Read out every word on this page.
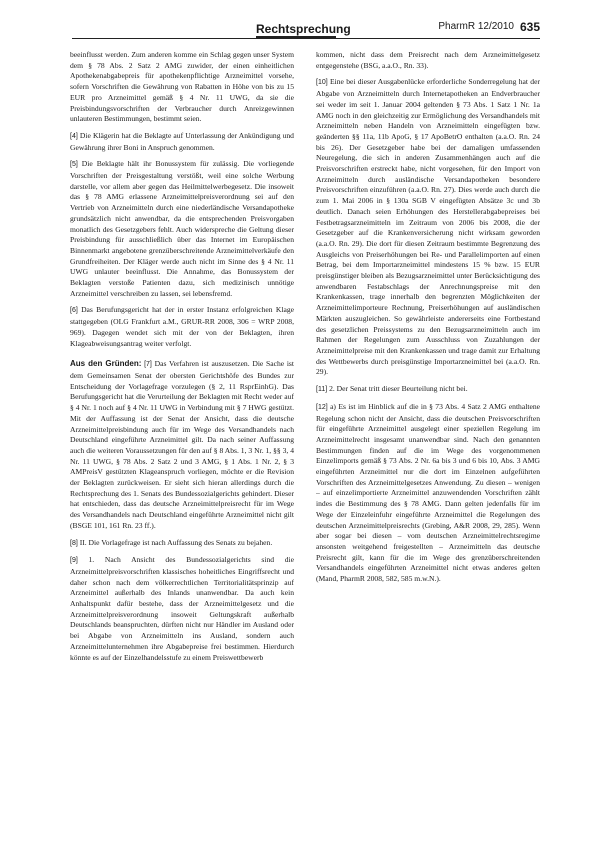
Rechtsprechung	PharmR 12/2010 635

beeinflusst werden. Zum anderen komme ein Schlag gegen unser System dem § 78 Abs. 2 Satz 2 AMG zuwider, der einen einheitlichen Apothekenabgabepreis für apothekenpflichtige Arzneimittel vorsehe, sofern Vorschriften die Gewährung von Rabatten in Höhe von bis zu 15 EUR pro Arzneimittel gemäß § 4 Nr. 11 UWG, da sie die Preisbindungsvorschriften der Verbraucher durch Anreizgewinnen unlauteren Bestimmungen, bestimmt seien.

[4] Die Klägerin hat die Beklagte auf Unterlassung der Ankündigung und Gewährung ihrer Boni in Anspruch genommen.

[5] Die Beklagte hält ihr Bonussystem für zulässig. Die vorliegende Vorschriften der Preisgestaltung verstößt, weil eine solche Werbung darstelle, vor allem aber gegen das Heilmittelwerbegesetz. Die insoweit das § 78 AMG erlassene Arzneimittelpreisverordnung sei auf den Vertrieb von Arzneimitteln durch eine niederländische Versandapotheke grundsätzlich nicht anwendbar, da die entsprechenden Preisvorgaben monatlich des Gesetzgebers fehlt. Auch widerspreche die Geltung dieser Preisbindung für ausschließlich über das Internet im Europäischen Binnenmarkt angebotene grenzüberschreitende Arzneimittelverkäufe den Grundfreiheiten. Der Kläger werde auch nicht im Sinne des § 4 Nr. 11 UWG unlauter beeinflusst. Die Annahme, das Bonussystem der Beklagten verstoße Patienten dazu, sich medizinisch unnötige Arzneimittel verschreiben zu lassen, sei lebensfremd.

[6] Das Berufungsgericht hat der in erster Instanz erfolgreichen Klage stattgegeben (OLG Frankfurt a.M., GRUR-RR 2008, 306 = WRP 2008, 969). Dagegen wendet sich mit der von der Beklagten, ihren Klageabweisungsantrag weiter verfolgt.

Aus den Gründen: [7] Das Verfahren ist auszusetzen. Die Sache ist dem Gemeinsamen Senat der obersten Gerichtshöfe des Bundes zur Entscheidung der Vorlagefrage vorzulegen (§ 2, 11 RsprEinhG). Das Berufungsgericht hat die Verurteilung der Beklagten mit Recht weder auf § 4 Nr. 1 noch auf § 4 Nr. 11 UWG in Verbindung mit § 7 HWG gestützt. Mit der Auffassung ist der Senat der Ansicht, dass die deutsche Arzneimittelpreisbindung auch für im Wege des Versandhandels nach Deutschland eingeführte Arzneimittel gilt. Da nach seiner Auffassung auch die weiteren Voraussetzungen für den auf § 8 Abs. 1, 3 Nr. 1, §§ 3, 4 Nr. 11 UWG, § 78 Abs. 2 Satz 2 und 3 AMG, § 1 Abs. 1 Nr. 2, § 3 AMPreisV gestützten Klageanspruch vorliegen, möchte er die Revision der Beklagten zurückweisen. Er sieht sich hieran allerdings durch die Rechtsprechung des 1. Senats des Bundessozialgerichts gehindert. Dieser hat entschieden, dass das deutsche Arzneimittelpreisrecht für im Wege des Versandhandels nach Deutschland eingeführte Arzneimittel nicht gilt (BSGE 101, 161 Rn. 23 ff.).

[8] II. Die Vorlagefrage ist nach Auffassung des Senats zu bejahen.

[9] 1. Nach Ansicht des Bundessozialgerichts sind die Arzneimittelpreisvorschriften klassisches hoheitliches Eingriffsrecht und daher schon nach dem völkerrechtlichen Territorialitätsprinzip auf Arzneimittel außerhalb des Inlands unanwendbar. Da auch kein Anhaltspunkt dafür bestehe, dass der Arzneimittelgesetz und die Arzneimittelpreisverordnung insoweit Geltungskraft außerhalb Deutschlands beanspruchten, dürften nicht nur Händler im Ausland oder bei Abgabe von Arzneimitteln ins Ausland, sondern auch Arzneimittelunternehmen ihre Abgabepreise frei bestimmen. Hierdurch könnte es auf der Einzelhandelsstufe zu einem Preiswettbewerb

kommen, nicht dass dem Preisrecht nach dem Arzneimittelgesetz entgegenstehe (BSG, a.a.O., Rn. 33).

[10] Eine bei dieser Ausgabenlücke erforderliche Sonderregelung hat der Abgabe von Arzneimitteln durch Internetapotheken an Endverbraucher sei weder im seit 1. Januar 2004 geltenden § 73 Abs. 1 Satz 1 Nr. 1a AMG noch in den gleichzeitig zur Ermöglichung des Versandhandels mit Arzneimitteln neben Handeln von Arzneimitteln eingefügten bzw. geänderten §§ 11a, 11b ApoG, § 17 ApoBetrO enthalten (a.a.O. Rn. 24 bis 26). Der Gesetzgeber habe bei der damaligen umfassenden Neuregelung, die sich in anderen Zusammenhängen auch auf die Preisvorschriften erstreckt habe, nicht vorgesehen, für den Import von Arzneimitteln durch ausländische Versandapotheken besondere Preisvorschriften einzuführen (a.a.O. Rn. 27). Dies werde auch durch die zum 1. Mai 2006 in § 130a SGB V eingefügten Absätze 3c und 3b deutlich. Danach seien Erhöhungen des Herstellerabgabepreises bei Festbetragsarzneimitteln im Zeitraum von 2006 bis 2008, die der Gesetzgeber auf die Krankenversicherung nicht wirksam geworden (a.a.O. Rn. 29). Die dort für diesen Zeitraum bestimmte Begrenzung des Ausgleichs von Preiserhöhungen bei Re- und Parallelimporten auf einen Betrag, bei dem Importarzneimittel mindestens 15 % bzw. 15 EUR preisgünstiger bleiben als Bezugsarzneimittel unter Berücksichtigung des anwendbaren Festabschlags der Anrechnungspreise mit den Krankenkassen, trage innerhalb den begrenzten Möglichkeiten der Arzneimittelimporteure Rechnung, Preiserhöhungen auf ausländischen Märkten auszugleichen. So gewährleiste andererseits eine Fortbestand des gesetzlichen Preissystems zu den Bezugsarzneimitteln auch im Rahmen der Regelungen zum Ausschluss von Zuzahlungen der Arzneimittelpreise mit den Krankenkassen und trage damit zur Erhaltung des Wettbewerbs durch preisgünstige Importarzneimittel bei (a.a.O. Rn. 29).

[11] 2. Der Senat tritt dieser Beurteilung nicht bei.

[12] a) Es ist im Hinblick auf die in § 73 Abs. 4 Satz 2 AMG enthaltene Regelung schon nicht der Ansicht, dass die deutschen Preisvorschriften für eingeführte Arzneimittel ausgelegt einer speziellen Regelung im Arzneimittelrecht insgesamt unanwendbar sind. Nach den genannten Bestimmungen finden auf die im Wege des vorgenommenen Einzelimports gemäß § 73 Abs. 2 Nr. 6a bis 3 und 6 bis 10, Abs. 3 AMG eingeführten Arzneimittel nur die dort im Einzelnen aufgeführten Vorschriften des Arzneimittelgesetzes Anwendung. Zu diesen – wenigen – auf einzelimportierte Arzneimittel anzuwendenden Vorschriften zählt indes die Bestimmung des § 78 AMG. Dann gelten jedenfalls für im Wege der Einzeleinfuhr eingeführte Arzneimittel die Regelungen des deutschen Arzneimittelpreisrechts (Grebing, A&R 2008, 29, 285). Wenn aber sogar bei diesen – vom deutschen Arzneimittelrechtsregime ansonsten weitgehend freigestellten – Arzneimitteln das deutsche Preisrecht gilt, kann für die im Wege des grenzüberschreitenden Versandhandels eingeführten Arzneimittel nicht etwas anderes gelten (Mand, PharmR 2008, 582, 585 m.w.N.).
